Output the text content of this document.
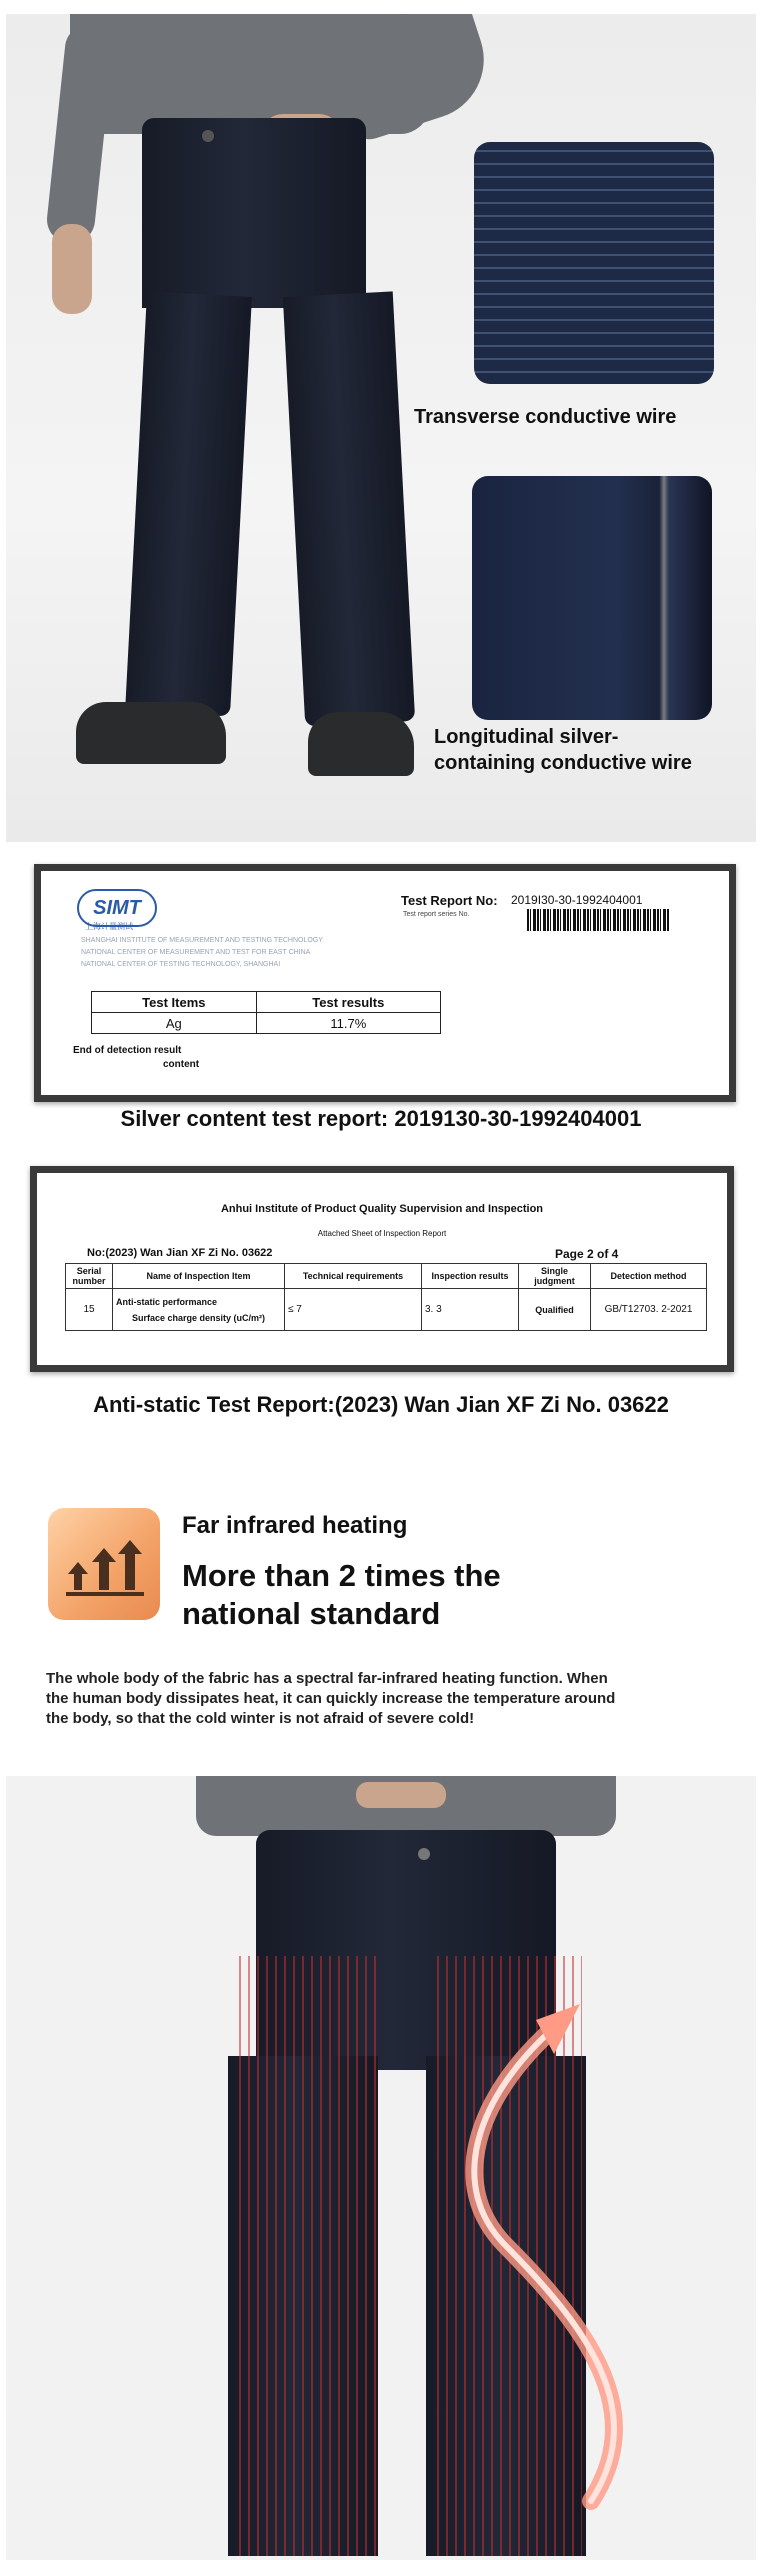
Transverse conductive wire
Longitudinal silver-
containing conductive wire
SIMT
上海计量测试
SHANGHAI INSTITUTE OF MEASUREMENT AND TESTING TECHNOLOGY
NATIONAL CENTER OF MEASUREMENT AND TEST FOR EAST CHINA
NATIONAL CENTER OF TESTING TECHNOLOGY, SHANGHAI
Test Report No: 2019I30-30-1992404001
Test report series No.
Test Items	Test results
Ag	11.7%
End of detection result
content
Silver content test report: 2019130-30-1992404001
Anhui Institute of Product Quality Supervision and Inspection
Attached Sheet of Inspection Report
No:(2023) Wan Jian XF Zi No. 03622	Page 2 of 4
Serial number	Name of Inspection Item	Technical requirements	Inspection results	Single judgment	Detection method
15	Anti-static performance
Surface charge density (uC/m²)	≤ 7	3. 3	Qualified	GB/T12703. 2-2021
Anti-static Test Report:(2023) Wan Jian XF Zi No. 03622
Far infrared heating
More than 2 times the
national standard
The whole body of the fabric has a spectral far-infrared heating function. When
the human body dissipates heat, it can quickly increase the temperature around
the body, so that the cold winter is not afraid of severe cold!
